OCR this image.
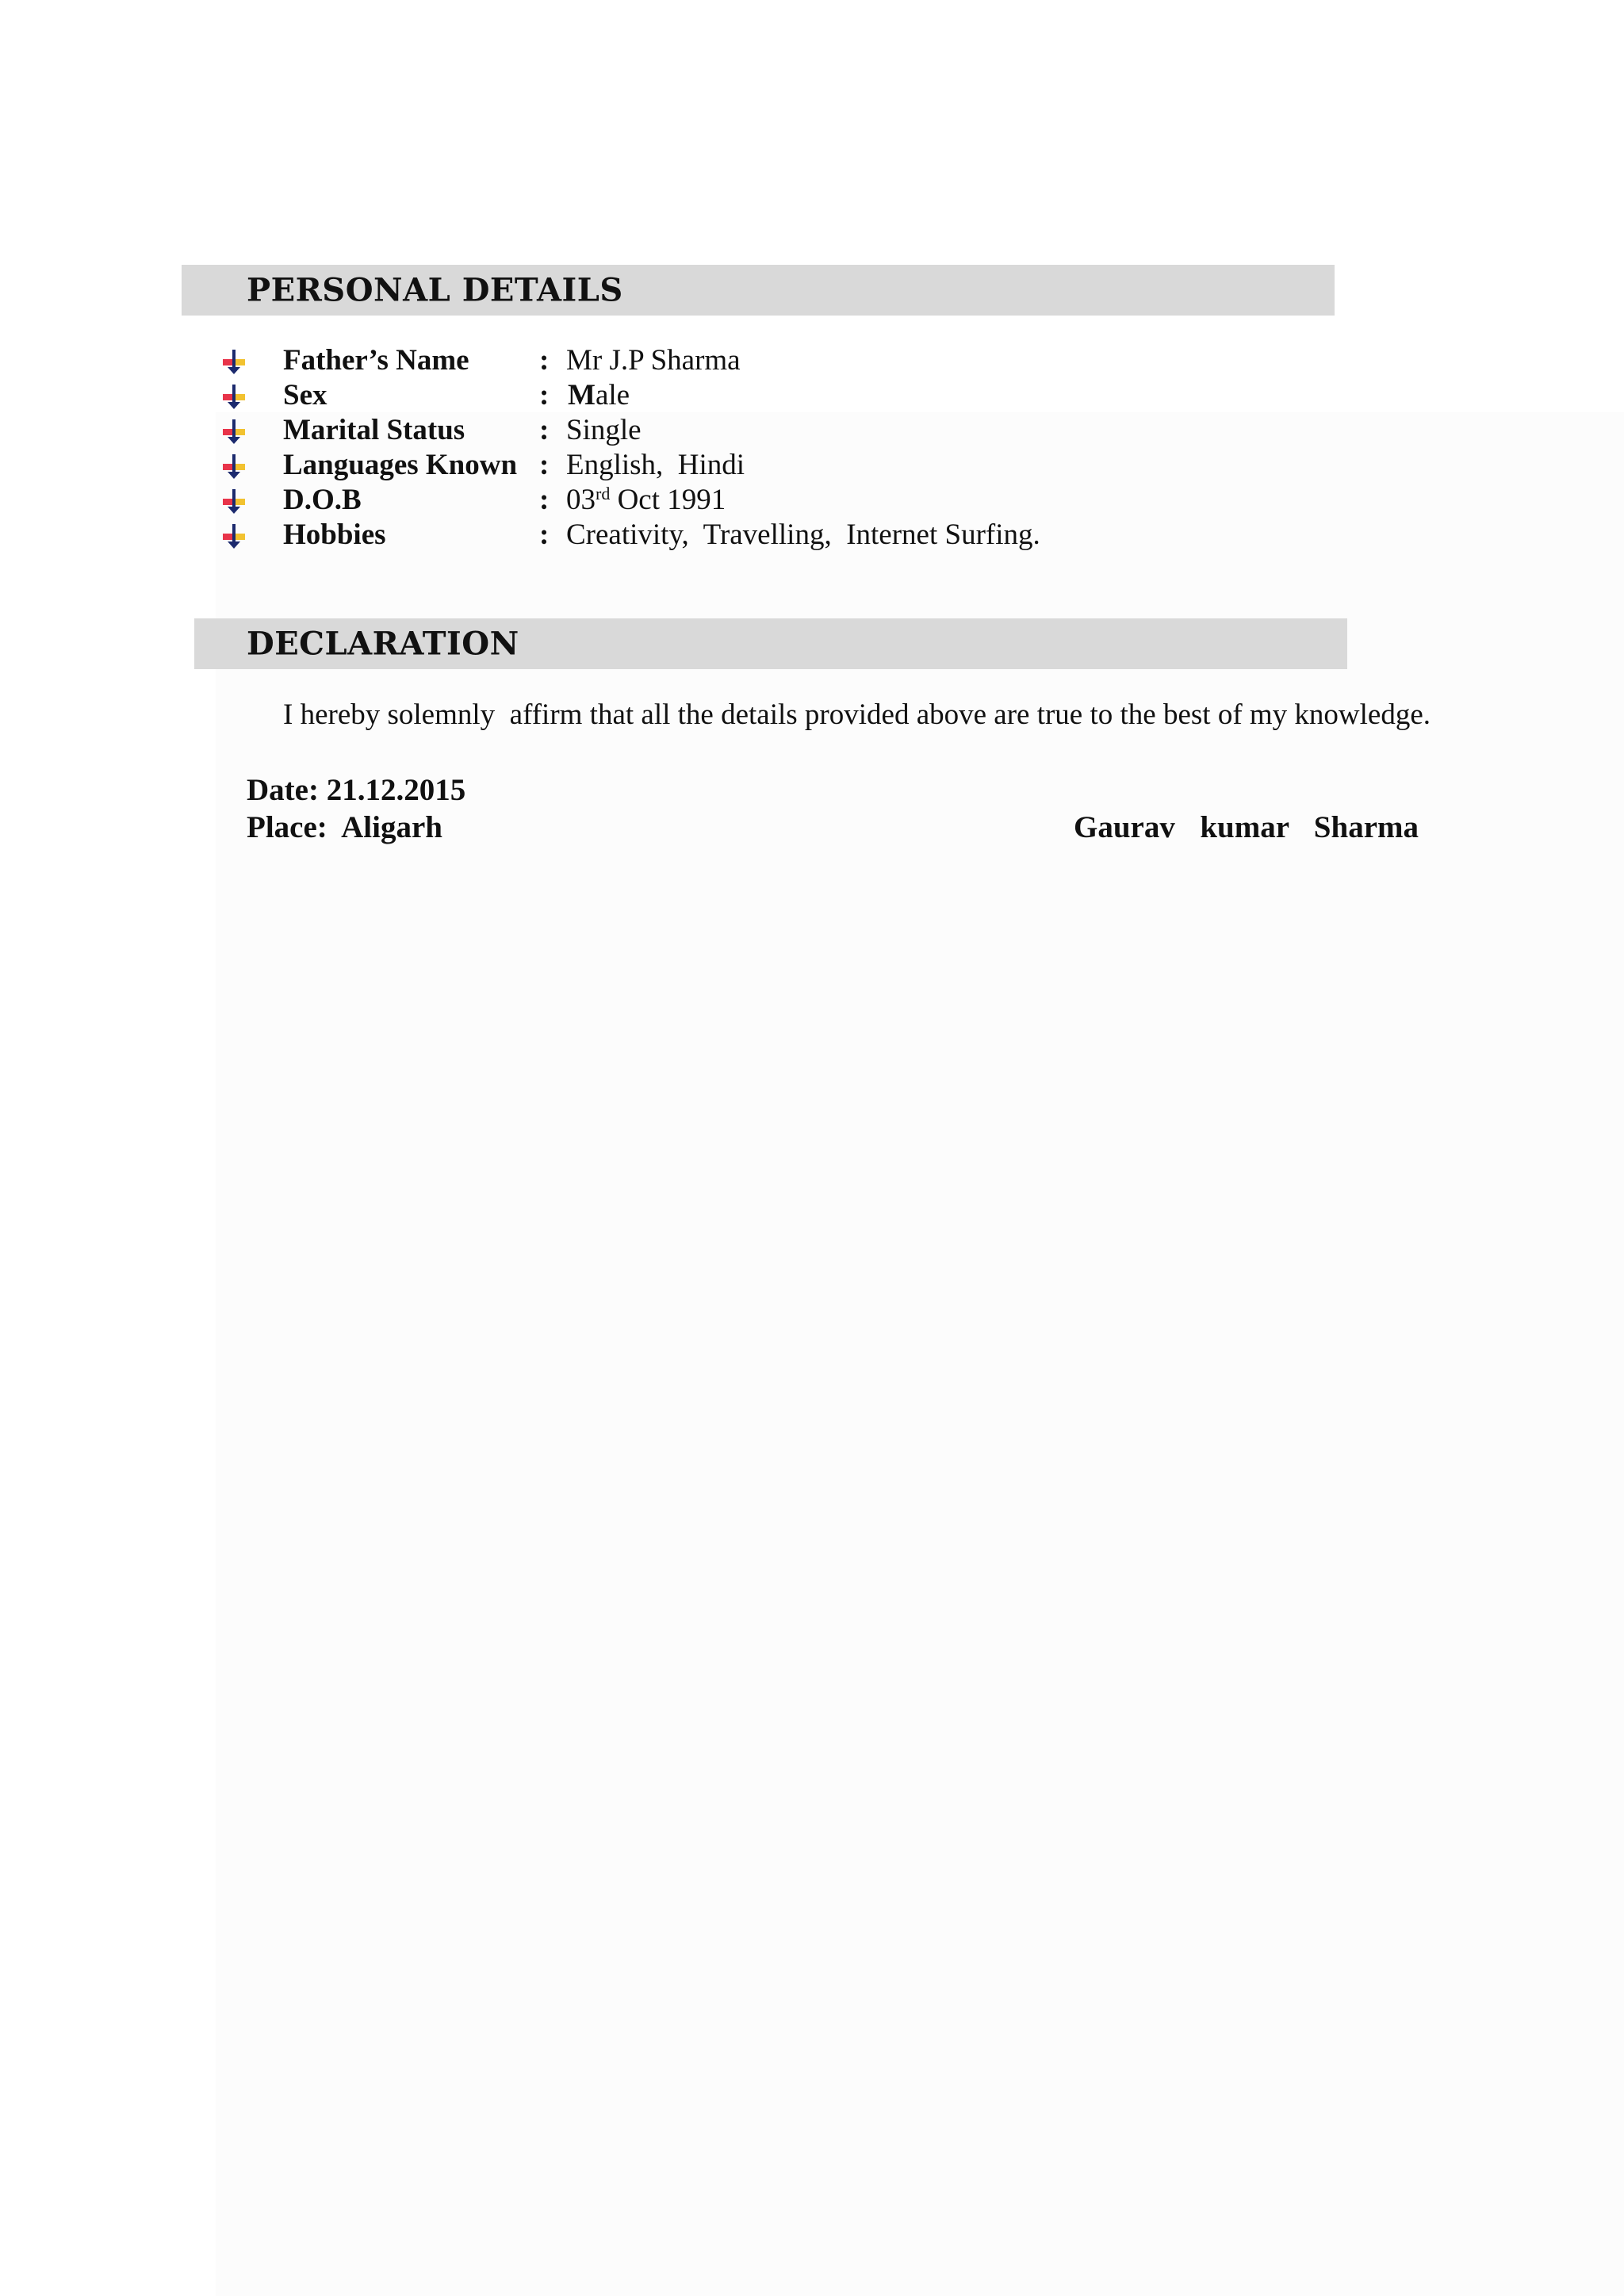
PERSONAL DETAILS
Father’s Name : Mr J.P Sharma
Sex	: Male
Marital Status	: Single
Languages Known : English,  Hindi
D.O.B	: 03rd Oct 1991
Hobbies	: Creativity,  Travelling,  Internet Surfing.
DECLARATION
I hereby solemnly  affirm that all the details provided above are true to the best of my knowledge.
Date: 21.12.2015
Place:  Aligarh	Gaurav  kumar  Sharma
